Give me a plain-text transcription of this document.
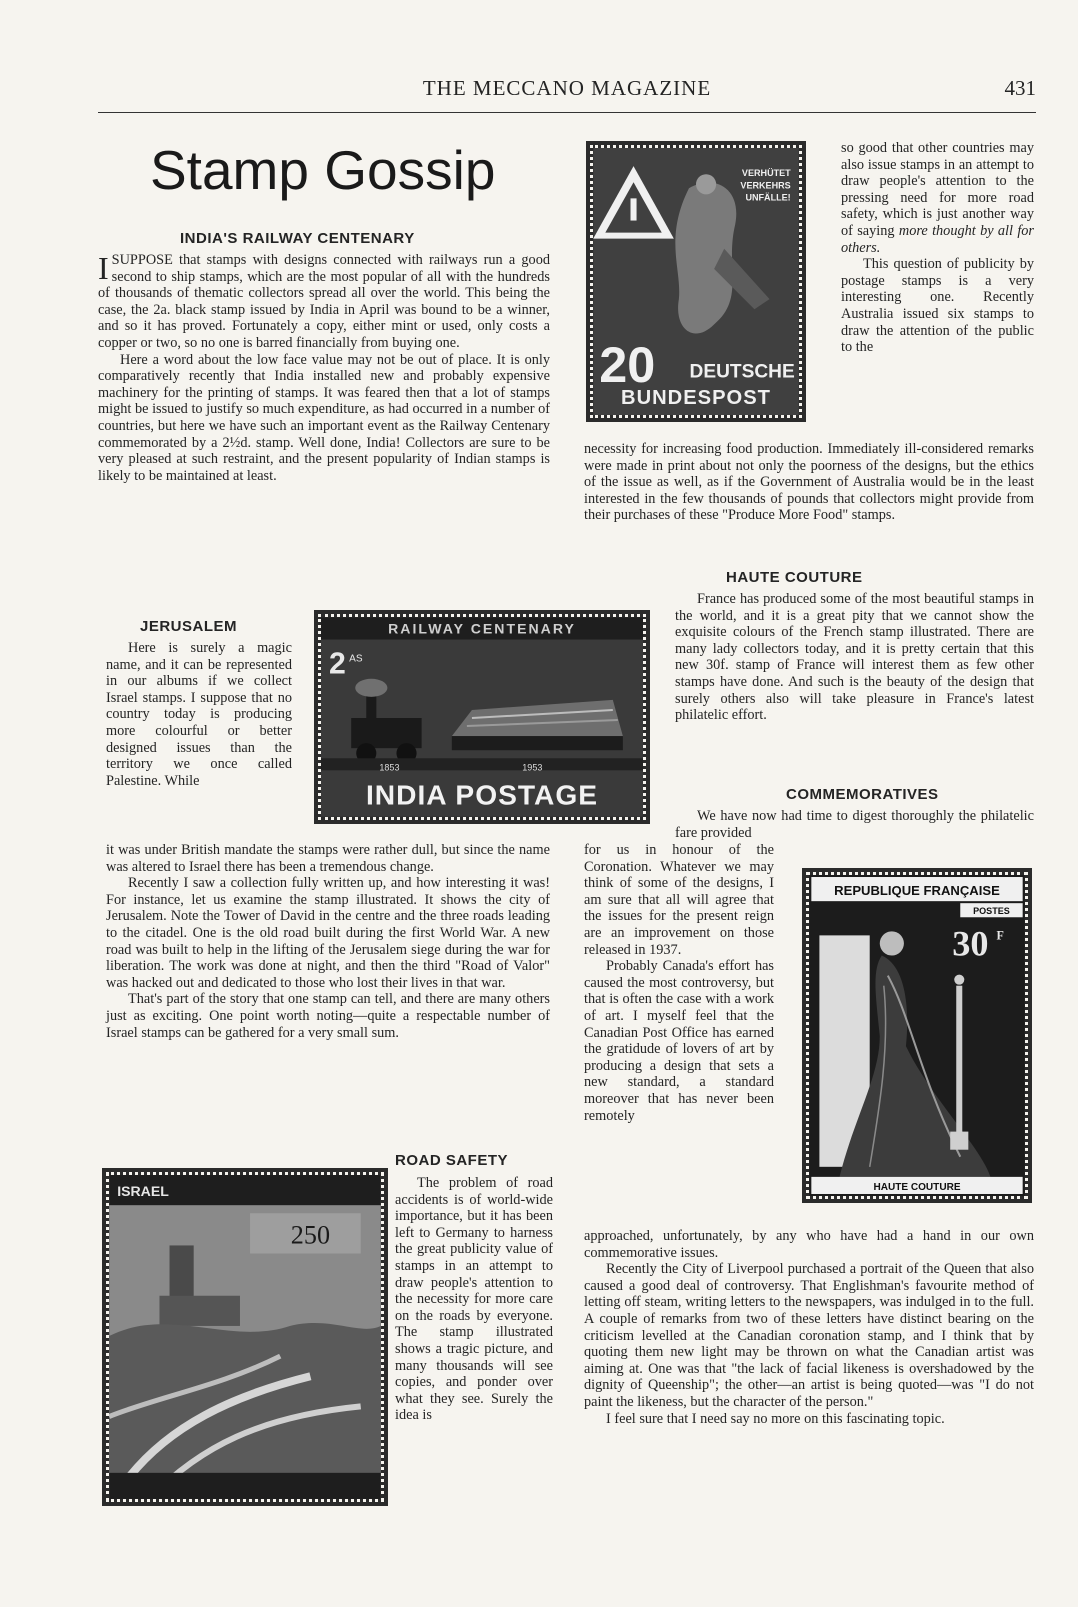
THE MECCANO MAGAZINE	431
Stamp Gossip
INDIA'S RAILWAY CENTENARY

ISUPPOSE that stamps with designs connected with railways run a good second to ship stamps, which are the most popular of all with the hundreds of thousands of thematic collectors spread all over the world. This being the case, the 2a. black stamp issued by India in April was bound to be a winner, and so it has proved. Fortunately a copy, either mint or used, only costs a copper or two, so no one is barred financially from buying one.

Here a word about the low face value may not be out of place. It is only comparatively recently that India installed new and probably expensive machinery for the printing of stamps. It was feared then that a lot of stamps might be issued to justify so much expenditure, as had occurred in a number of countries, but here we have such an important event as the Railway Centenary commemorated by a 2½d. stamp. Well done, India! Collectors are sure to be very pleased at such restraint, and the present popularity of Indian stamps is likely to be maintained at least.

JERUSALEM

Here is surely a magic name, and it can be represented in our albums if we collect Israel stamps. I suppose that no country today is producing more colourful or better designed issues than the territory we once called Palestine. While

it was under British mandate the stamps were rather dull, but since the name was altered to Israel there has been a tremendous change.

Recently I saw a collection fully written up, and how interesting it was! For instance, let us examine the stamp illustrated. It shows the city of Jerusalem. Note the Tower of David in the centre and the three roads leading to the citadel. One is the old road built during the first World War. A new road was built to help in the lifting of the Jerusalem siege during the war for liberation. The work was done at night, and then the third "Road of Valor" was hacked out and dedicated to those who lost their lives in that war.

That's part of the story that one stamp can tell, and there are many others just as exciting. One point worth noting—quite a respectable number of Israel stamps can be gathered for a very small sum.

RAILWAY CENTENARY
2 AS
1853	1953
INDIA POSTAGE
VERHÜTET
VERKEHRS
UNFÄLLE!
20 DEUTSCHE
BUNDESPOST

so good that other countries may also issue stamps in an attempt to draw people's attention to the pressing need for more road safety, which is just another way of saying more thought by all for others.

This question of publicity by postage stamps is a very interesting one. Recently Australia issued six stamps to draw the attention of the public to the

necessity for increasing food production. Immediately ill-considered remarks were made in print about not only the poorness of the designs, but the ethics of the issue as well, as if the Government of Australia would be in the least interested in the few thousands of pounds that collectors might provide from their purchases of these "Produce More Food" stamps.

HAUTE COUTURE

France has produced some of the most beautiful stamps in the world, and it is a great pity that we cannot show the exquisite colours of the French stamp illustrated. There are many lady collectors today, and it is pretty certain that this new 30f. stamp of France will interest them as few other stamps have done. And such is the beauty of the design that surely others also will take pleasure in France's latest philatelic effort.

COMMEMORATIVES

We have now had time to digest thoroughly the philatelic fare provided

for us in honour of the Coronation. Whatever we may think of some of the designs, I am sure that all will agree that the issues for the present reign are an improvement on those released in 1937.

Probably Canada's effort has caused the most controversy, but that is often the case with a work of art. I myself feel that the Canadian Post Office has earned the gratidude of lovers of art by producing a design that sets a new standard, a standard moreover that has never been remotely

approached, unfortunately, by any who have had a hand in our own commemorative issues.

Recently the City of Liverpool purchased a portrait of the Queen that also caused a good deal of controversy. That Englishman's favourite method of letting off steam, writing letters to the newspapers, was indulged in to the full. A couple of remarks from two of these letters have distinct bearing on the criticism levelled at the Canadian coronation stamp, and I think that by quoting them new light may be thrown on what the Canadian artist was aiming at. One was that "the lack of facial likeness is overshadowed by the dignity of Queenship"; the other—an artist is being quoted—was "I do not paint the likeness, but the character of the person."

I feel sure that I need say no more on this fascinating topic.

REPUBLIQUE FRANÇAISE
POSTES
30 F
HAUTE COUTURE
ISRAEL
250
ROAD SAFETY

The problem of road accidents is of world-wide importance, but it has been left to Germany to harness the great publicity value of stamps in an attempt to draw people's attention to the necessity for more care on the roads by everyone. The stamp illustrated shows a tragic picture, and many thousands will see copies, and ponder over what they see. Surely the idea is
